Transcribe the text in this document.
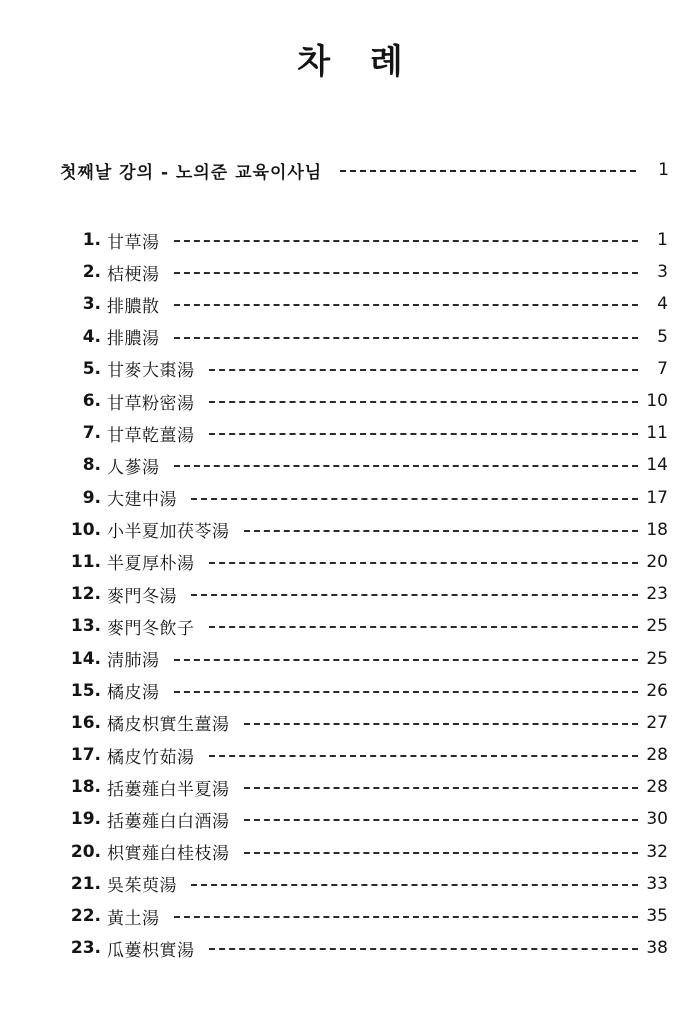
차 례
첫째날 강의 - 노의준 교육이사님	1
1. 甘草湯	1
2. 桔梗湯	3
3. 排膿散	4
4. 排膿湯	5
5. 甘麥大棗湯	7
6. 甘草粉密湯	10
7. 甘草乾薑湯	11
8. 人蔘湯	14
9. 大建中湯	17
10. 小半夏加茯苓湯	18
11. 半夏厚朴湯	20
12. 麥門冬湯	23
13. 麥門冬飲子	25
14. 淸肺湯	25
15. 橘皮湯	26
16. 橘皮枳實生薑湯	27
17. 橘皮竹茹湯	28
18. 括蔞薤白半夏湯	28
19. 括蔞薤白白酒湯	30
20. 枳實薤白桂枝湯	32
21. 吳茱萸湯	33
22. 黃土湯	35
23. 瓜蔞枳實湯	38
